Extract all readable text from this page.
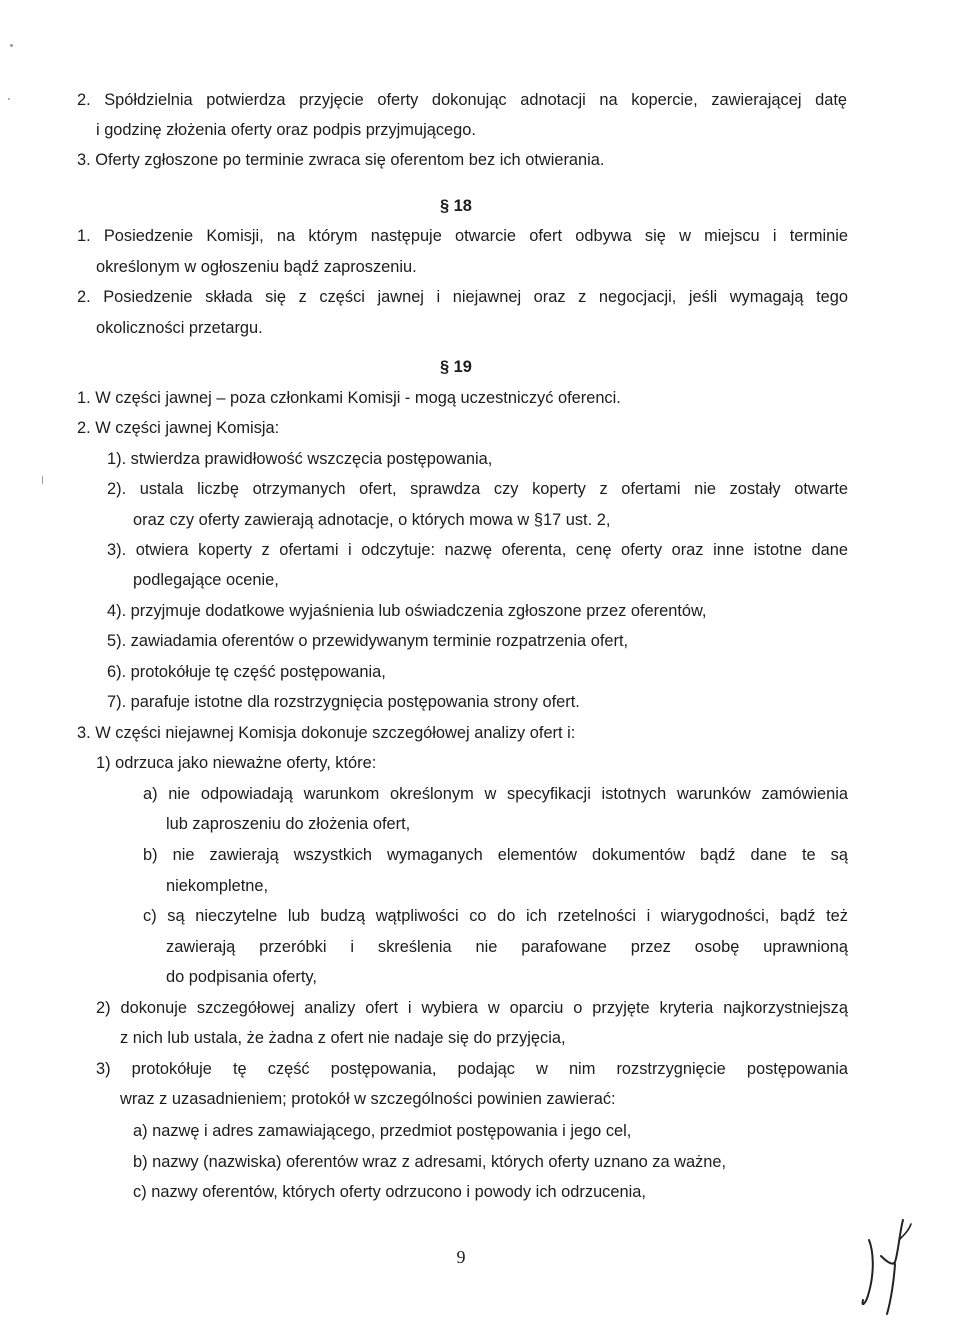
2. Spółdzielnia potwierdza przyjęcie oferty dokonując adnotacji na kopercie, zawierającej datę

i godzinę złożenia oferty oraz podpis przyjmującego.

3. Oferty zgłoszone po terminie zwraca się oferentom bez ich otwierania.

§ 18

1. Posiedzenie Komisji, na którym następuje otwarcie ofert odbywa się w miejscu i terminie

określonym w ogłoszeniu bądź zaproszeniu.

2. Posiedzenie składa się z części jawnej i niejawnej oraz z negocjacji, jeśli wymagają tego

okoliczności przetargu.

§ 19

1. W części jawnej – poza członkami Komisji - mogą uczestniczyć oferenci.

2. W części jawnej Komisja:

1). stwierdza prawidłowość wszczęcia postępowania,

2). ustala liczbę otrzymanych ofert, sprawdza czy koperty z ofertami nie zostały otwarte

oraz czy oferty zawierają adnotacje, o których mowa w §17 ust. 2,

3). otwiera koperty z ofertami i odczytuje: nazwę oferenta, cenę oferty oraz inne istotne dane

podlegające ocenie,

4). przyjmuje dodatkowe wyjaśnienia lub oświadczenia zgłoszone przez oferentów,

5). zawiadamia oferentów o przewidywanym terminie rozpatrzenia ofert,

6). protokółuje tę część postępowania,

7). parafuje istotne dla rozstrzygnięcia postępowania strony ofert.

3. W części niejawnej Komisja dokonuje szczegółowej analizy ofert i:

1) odrzuca jako nieważne oferty, które:

a) nie odpowiadają warunkom określonym w specyfikacji istotnych warunków zamówienia

lub zaproszeniu do złożenia ofert,

b) nie zawierają wszystkich wymaganych elementów dokumentów bądź dane te są

niekompletne,

c) są nieczytelne lub budzą wątpliwości co do ich rzetelności i wiarygodności, bądź też

zawierają przeróbki i skreślenia nie parafowane przez osobę uprawnioną

do podpisania oferty,

2) dokonuje szczegółowej analizy ofert i wybiera w oparciu o przyjęte kryteria najkorzystniejszą

z nich lub ustala, że żadna z ofert nie nadaje się do przyjęcia,

3) protokółuje tę część postępowania, podając w nim rozstrzygnięcie postępowania

wraz z uzasadnieniem; protokół w szczególności powinien zawierać:

a) nazwę i adres zamawiającego, przedmiot postępowania i jego cel,

b) nazwy (nazwiska) oferentów wraz z adresami, których oferty uznano za ważne,

c) nazwy oferentów, których oferty odrzucono i powody ich odrzucenia,

9
